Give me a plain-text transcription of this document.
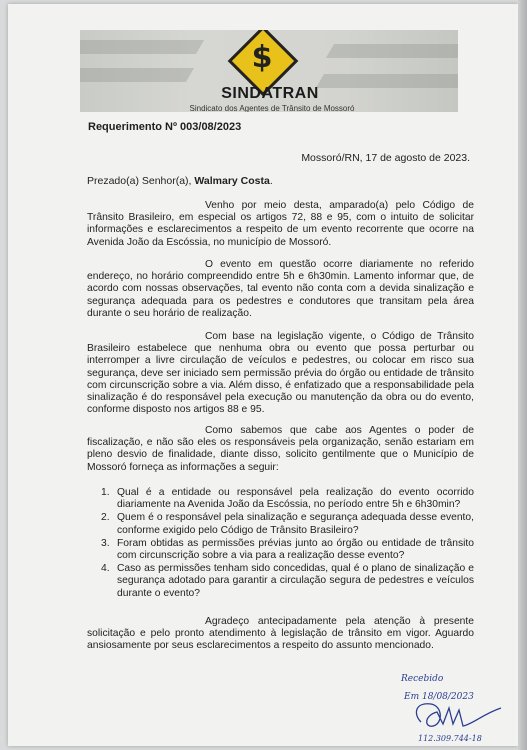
$
SINDATRAN
Sindicato dos Agentes de Trânsito de Mossoró
Requerimento Nº 003/08/2023
Mossoró/RN, 17 de agosto de 2023.
Prezado(a) Senhor(a), Walmary Costa.
Venho por meio desta, amparado(a) pelo Código de Trânsito Brasileiro, em especial os artigos 72, 88 e 95, com o intuito de solicitar informações e esclarecimentos a respeito de um evento recorrente que ocorre na Avenida João da Escóssia, no município de Mossoró.
O evento em questão ocorre diariamente no referido endereço, no horário compreendido entre 5h e 6h30min. Lamento informar que, de acordo com nossas observações, tal evento não conta com a devida sinalização e segurança adequada para os pedestres e condutores que transitam pela área durante o seu horário de realização.
Com base na legislação vigente, o Código de Trânsito Brasileiro estabelece que nenhuma obra ou evento que possa perturbar ou interromper a livre circulação de veículos e pedestres, ou colocar em risco sua segurança, deve ser iniciado sem permissão prévia do órgão ou entidade de trânsito com circunscrição sobre a via. Além disso, é enfatizado que a responsabilidade pela sinalização é do responsável pela execução ou manutenção da obra ou do evento, conforme disposto nos artigos 88 e 95.
Como sabemos que cabe aos Agentes o poder de fiscalização, e não são eles os responsáveis pela organização, senão estariam em pleno desvio de finalidade, diante disso, solicito gentilmente que o Município de Mossoró forneça as informações a seguir:
1. Qual é a entidade ou responsável pela realização do evento ocorrido diariamente na Avenida João da Escóssia, no período entre 5h e 6h30min?
2. Quem é o responsável pela sinalização e segurança adequada desse evento, conforme exigido pelo Código de Trânsito Brasileiro?
3. Foram obtidas as permissões prévias junto ao órgão ou entidade de trânsito com circunscrição sobre a via para a realização desse evento?
4. Caso as permissões tenham sido concedidas, qual é o plano de sinalização e segurança adotado para garantir a circulação segura de pedestres e veículos durante o evento?
Agradeço antecipadamente pela atenção à presente solicitação e pelo pronto atendimento à legislação de trânsito em vigor. Aguardo ansiosamente por seus esclarecimentos a respeito do assunto mencionado.
Recebido
Em 18/08/2023
112.309.744-18
